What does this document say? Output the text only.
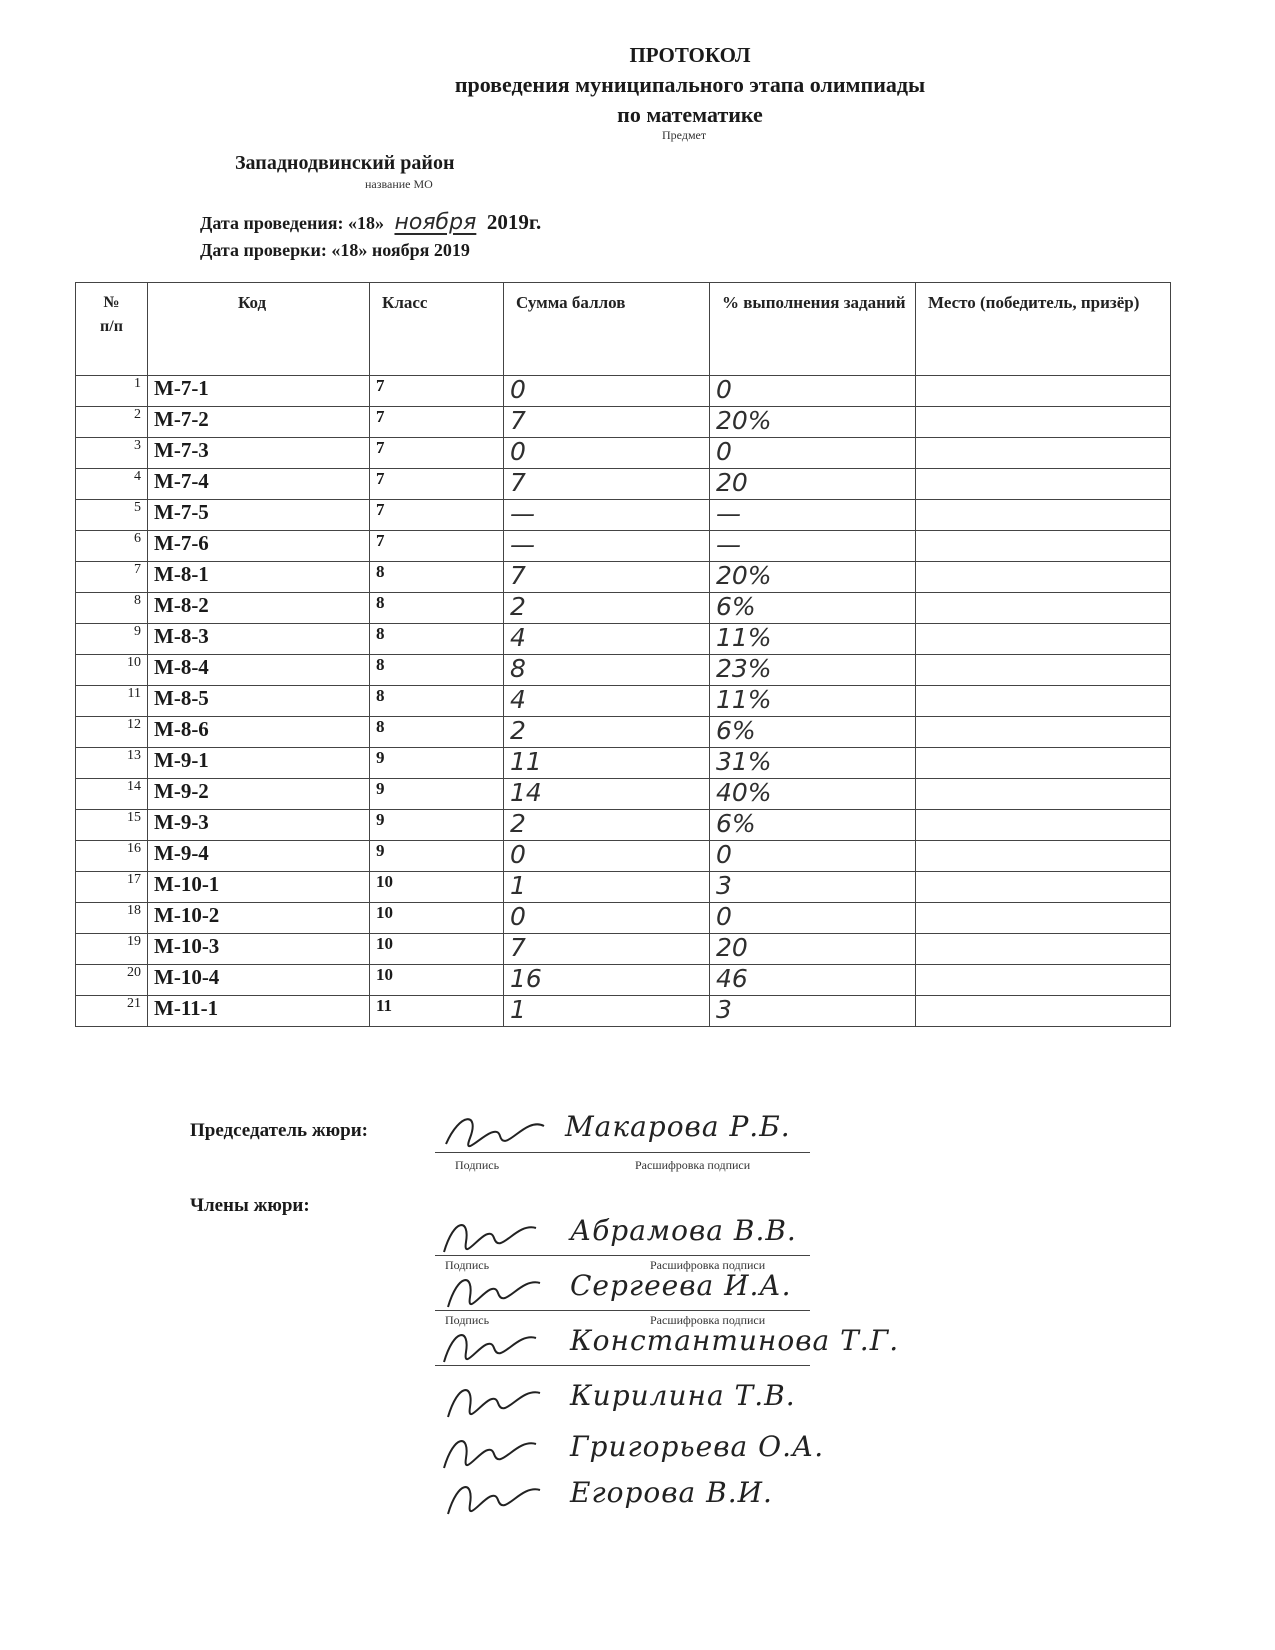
ПРОТОКОЛ
проведения муниципального этапа олимпиады
по математике
Предмет
Западнодвинский район
название МО
Дата проведения: «18» ноября 2019г.
Дата проверки: «18» ноября 2019
№
п/п	Код	Класс	Сумма баллов	% выполнения заданий	Место (победитель, призёр)
1	М-7-1	7	0	0	
2	М-7-2	7	7	20%	
3	М-7-3	7	0	0	
4	М-7-4	7	7	20	
5	М-7-5	7	—	—	
6	М-7-6	7	—	—	
7	М-8-1	8	7	20%	
8	М-8-2	8	2	6%	
9	М-8-3	8	4	11%	
10	М-8-4	8	8	23%	
11	М-8-5	8	4	11%	
12	М-8-6	8	2	6%	
13	М-9-1	9	11	31%	
14	М-9-2	9	14	40%	
15	М-9-3	9	2	6%	
16	М-9-4	9	0	0	
17	М-10-1	10	1	3	
18	М-10-2	10	0	0	
19	М-10-3	10	7	20	
20	М-10-4	10	16	46	
21	М-11-1	11	1	3	
Председатель жюри:	Макарова Р.Б.
Подпись	Расшифровка подписи
Члены жюри:
Абрамова В.В.
Подпись	Расшифровка подписи
Сергеева И.А.
Подпись	Расшифровка подписи
Константинова Т.Г.
Кирилина Т.В.
Григорьева О.А.
Егорова В.И.
